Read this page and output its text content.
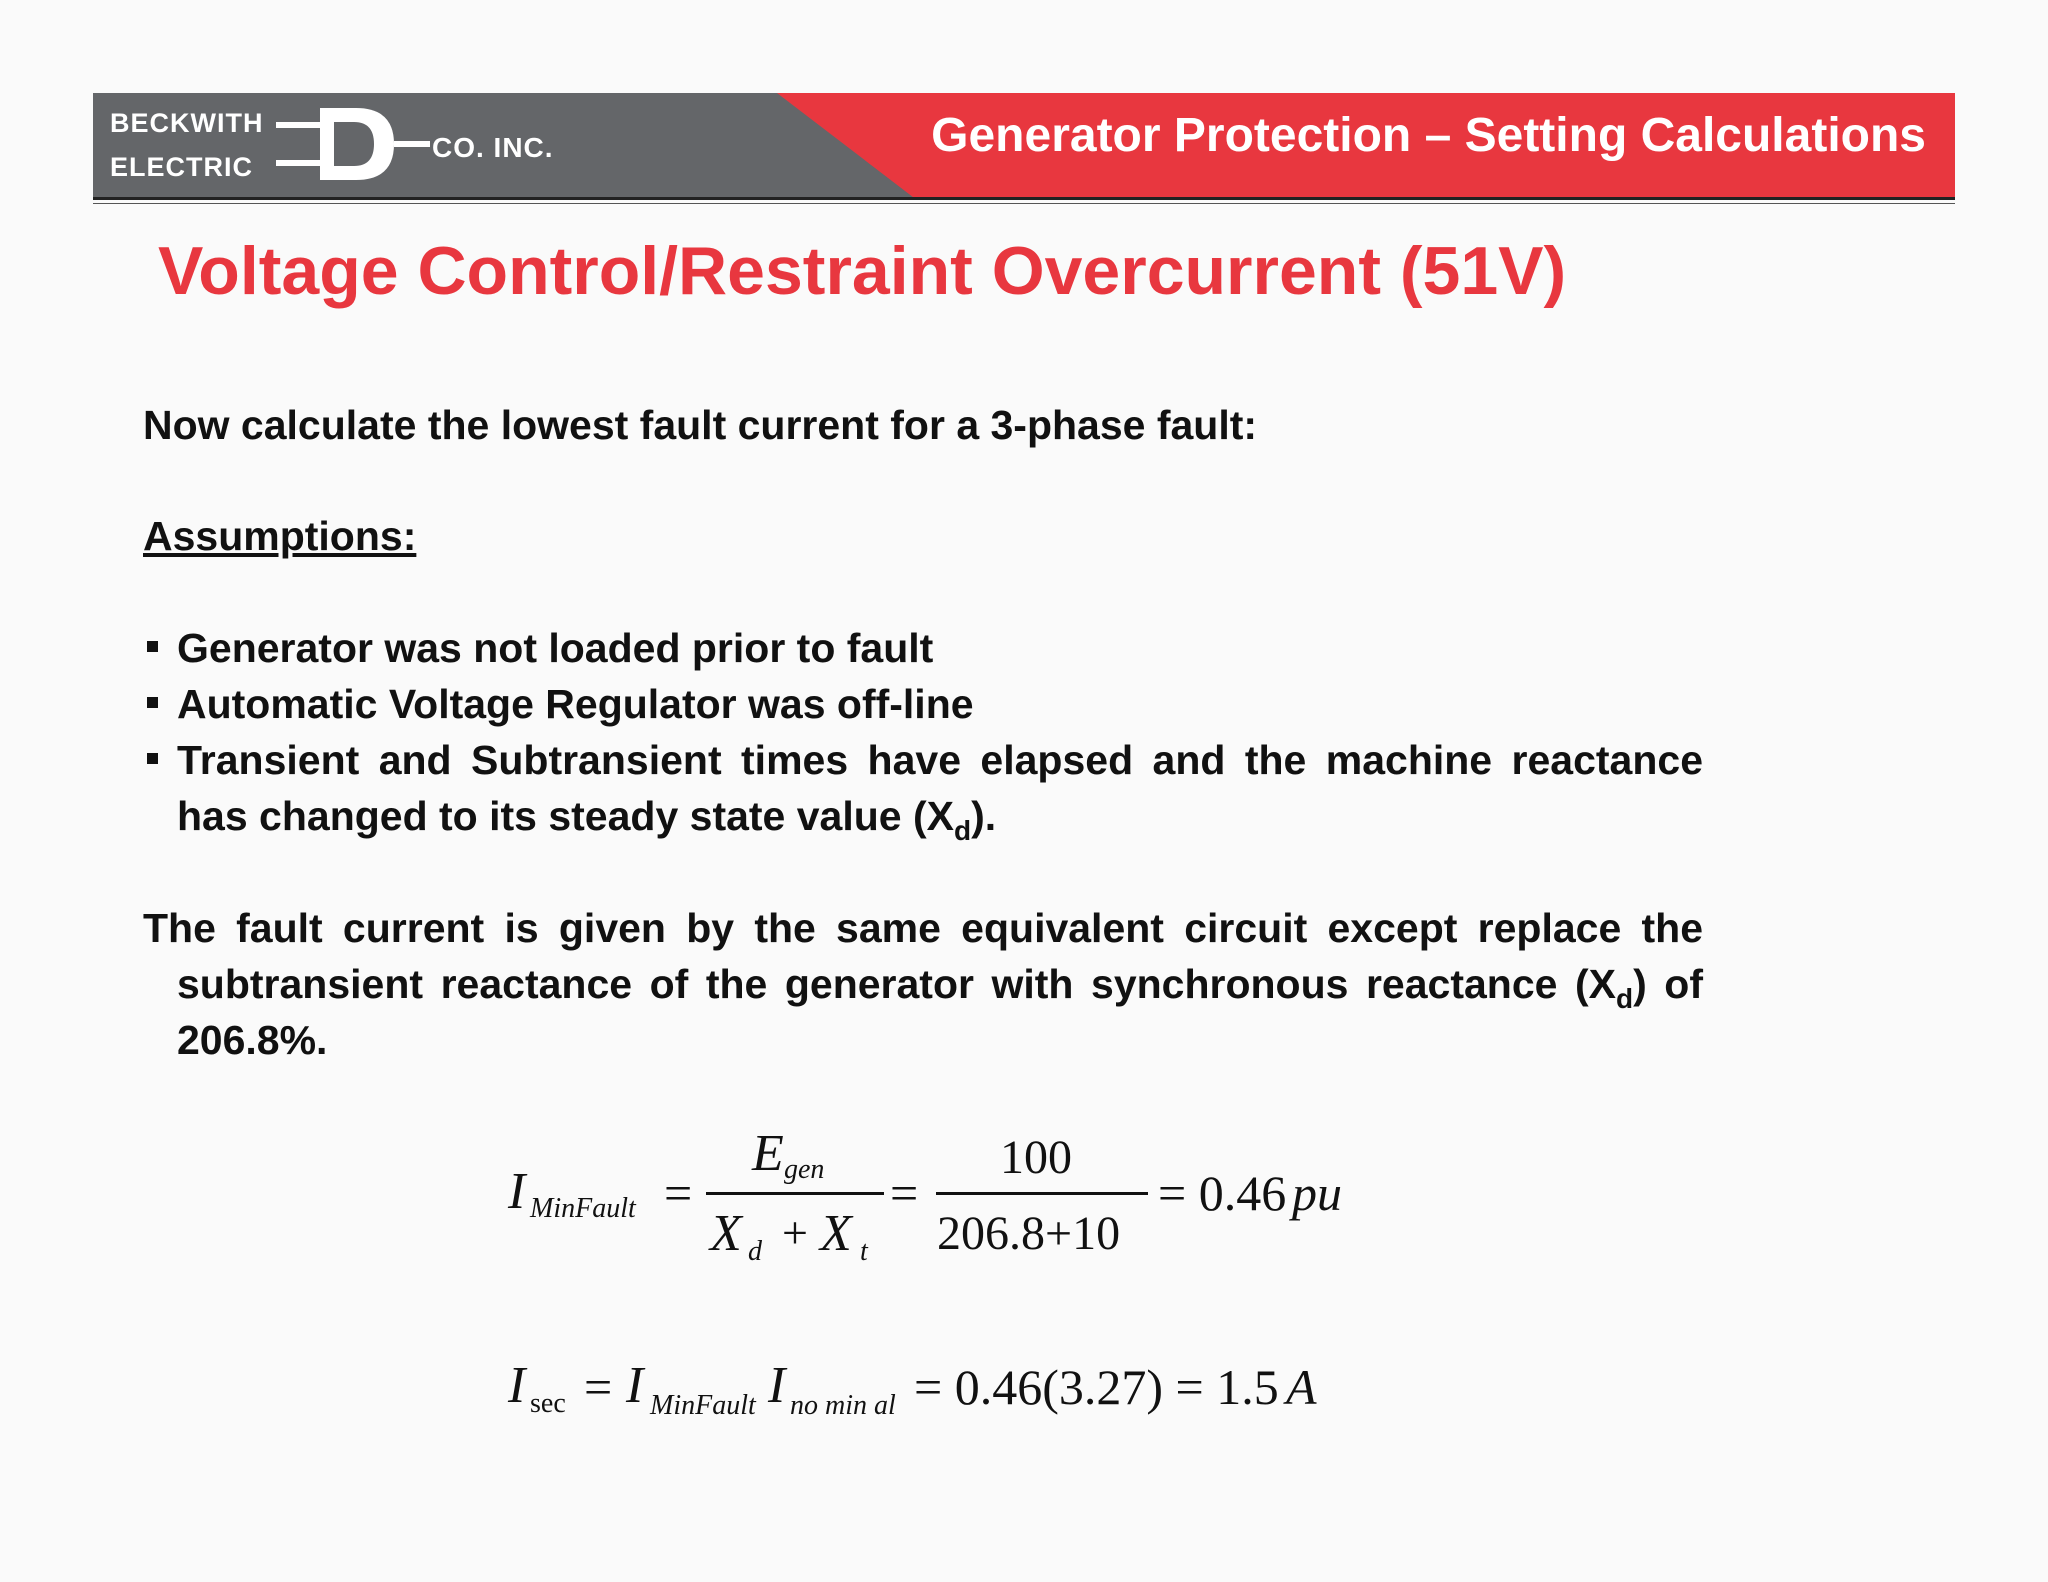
BECKWITH
ELECTRIC
CO. INC.	Generator Protection – Setting Calculations
Voltage Control/Restraint Overcurrent (51V)
Now calculate the lowest fault current for a 3-phase fault:
Assumptions:
Generator was not loaded prior to fault
Automatic Voltage Regulator was off-line
Transient and Subtransient times have elapsed and the machine reactance has changed to its steady state value $(X_d)$.
The fault current is given by the same equivalent circuit except replace the subtransient reactance of the generator with synchronous reactance $(X_d)$ of 206.8%.
I MinFault =
E gen
X d + X t
=
100
206.8+10
= 0.46 pu
I sec = I MinFault I no min al = 0.46(3.27) = 1.5 A
